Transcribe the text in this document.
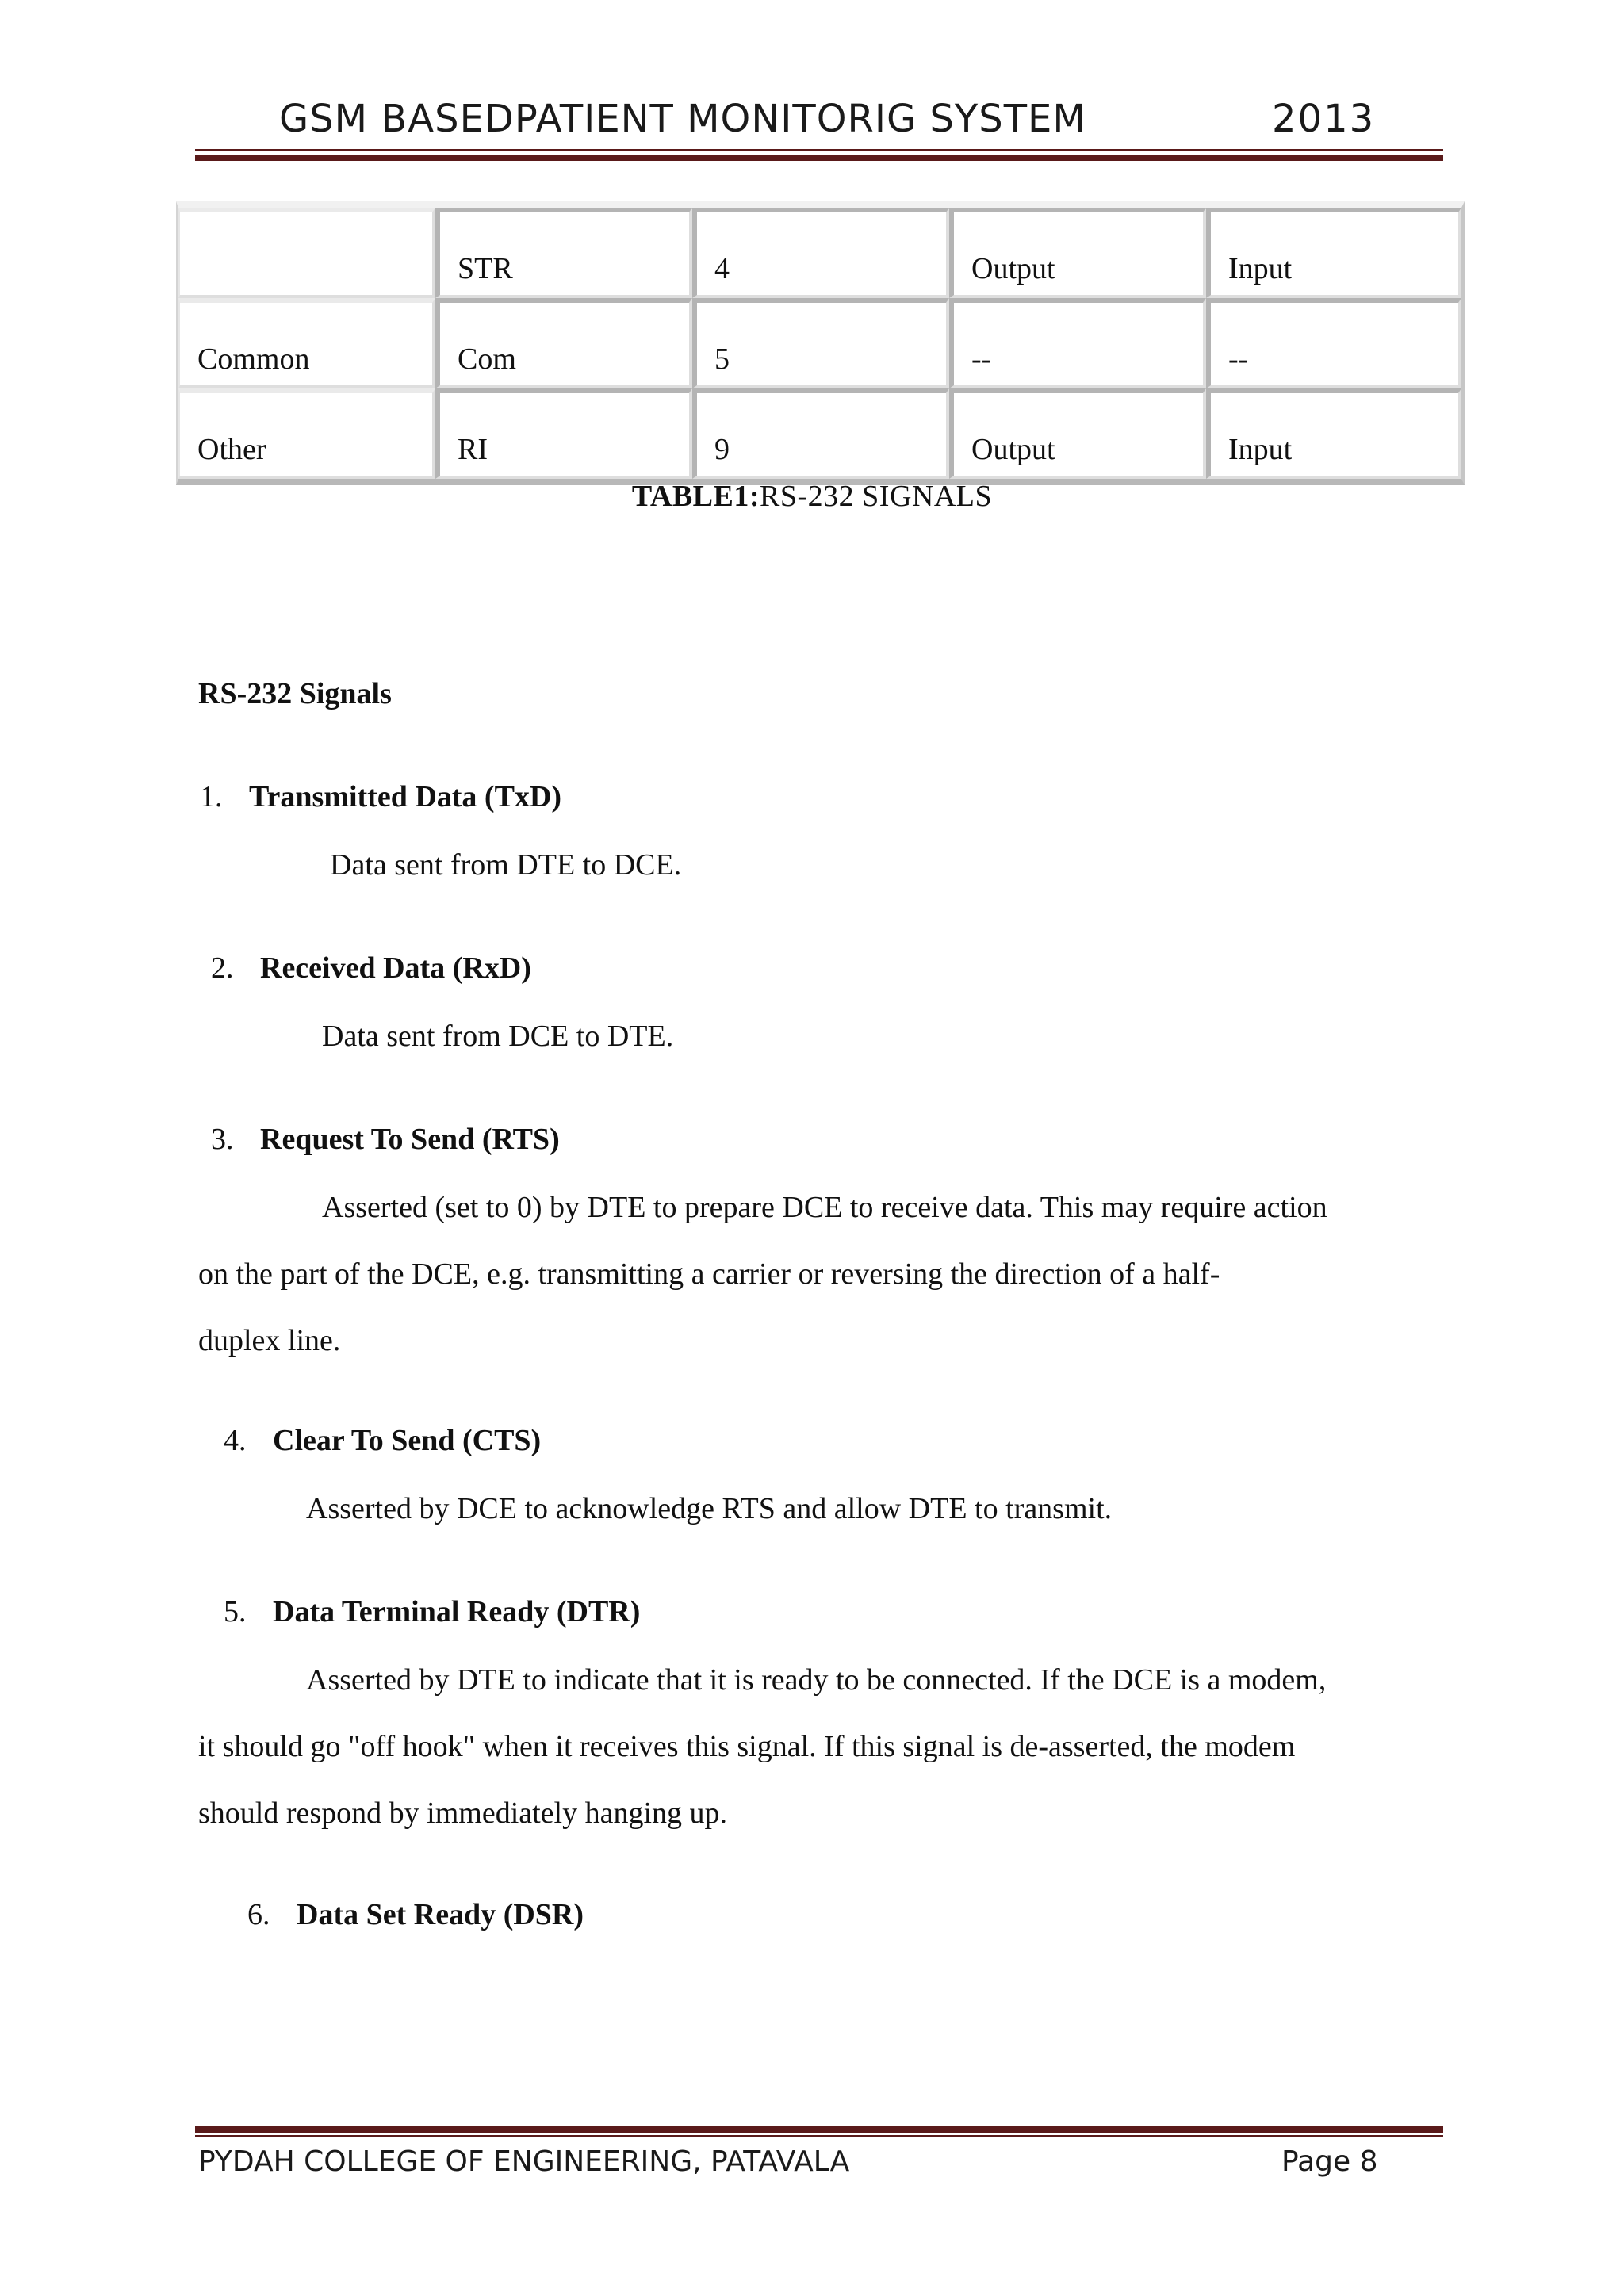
GSM BASEDPATIENT MONITORIG SYSTEM	2013
	STR	4	Output	Input
Common	Com	5	--	--
Other	RI	9	Output	Input
TABLE1:RS-232 SIGNALS
RS-232 Signals
1. Transmitted Data (TxD)
Data sent from DTE to DCE.
2. Received Data (RxD)
Data sent from DCE to DTE.
3. Request To Send (RTS)
Asserted (set to 0) by DTE to prepare DCE to receive data. This may require action
on the part of the DCE, e.g. transmitting a carrier or reversing the direction of a half-
duplex line.
4. Clear To Send (CTS)
Asserted by DCE to acknowledge RTS and allow DTE to transmit.
5. Data Terminal Ready (DTR)
Asserted by DTE to indicate that it is ready to be connected. If the DCE is a modem,
it should go "off hook" when it receives this signal. If this signal is de-asserted, the modem
should respond by immediately hanging up.
6. Data Set Ready (DSR)
PYDAH COLLEGE OF ENGINEERING, PATAVALA	Page 8
